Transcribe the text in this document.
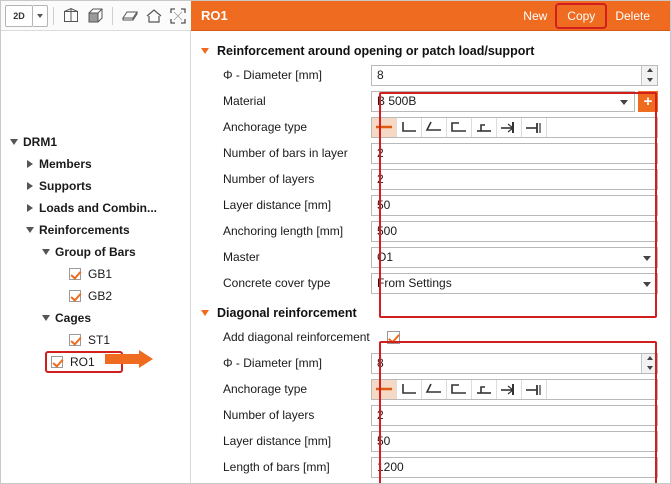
2D	RO1	New	Copy	Delete
DRM1
Members
Supports
Loads and Combin...
Reinforcements
Group of Bars
GB1
GB2
Cages
ST1
RO1
Reinforcement around opening or patch load/support
Φ - Diameter [mm]	8
Material	B 500B	+
Anchorage type
Number of bars in layer	2
Number of layers	2
Layer distance [mm]	50
Anchoring length [mm]	500
Master	O1
Concrete cover type	From Settings
Diagonal reinforcement
Add diagonal reinforcement
Φ - Diameter [mm]	8
Anchorage type
Number of layers	2
Layer distance [mm]	50
Length of bars [mm]	1200
